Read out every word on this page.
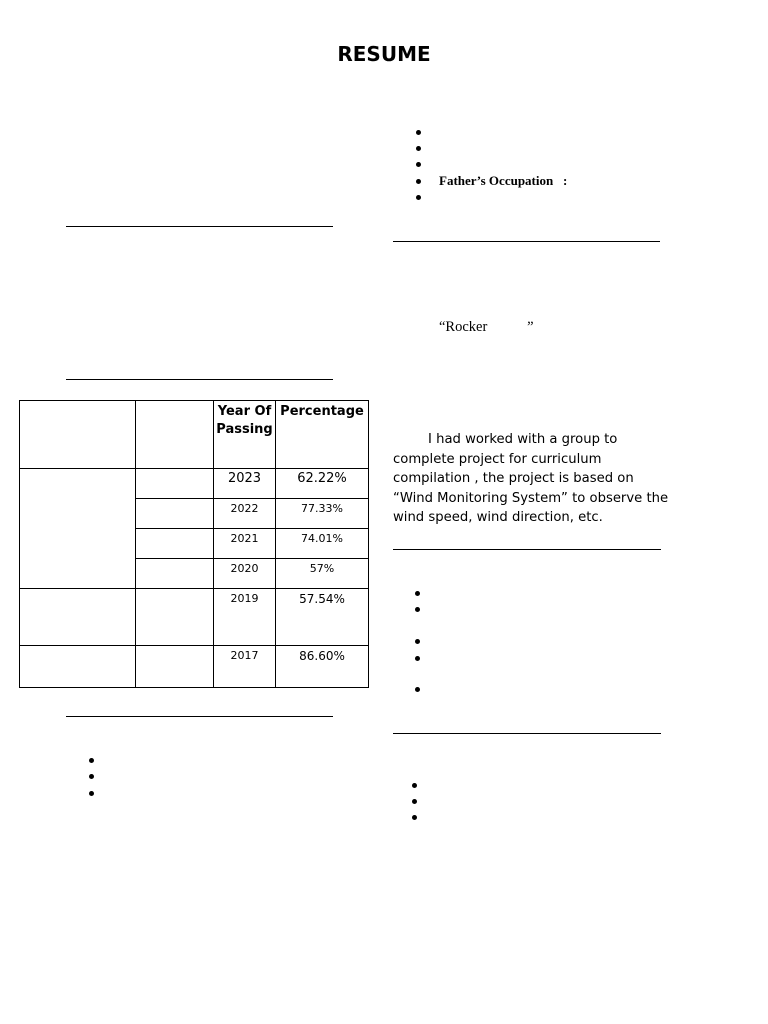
RESUME
Father’s Occupation   :
“Rocker           ”
		Year Of Passing	Percentage
		2023	62.22%
		2022	77.33%
		2021	74.01%
		2020	57%
		2019	57.54%
		2017	86.60%
I had worked with a group to complete project for curriculum compilation , the project is based on “Wind Monitoring System” to observe the wind speed, wind direction, etc.
